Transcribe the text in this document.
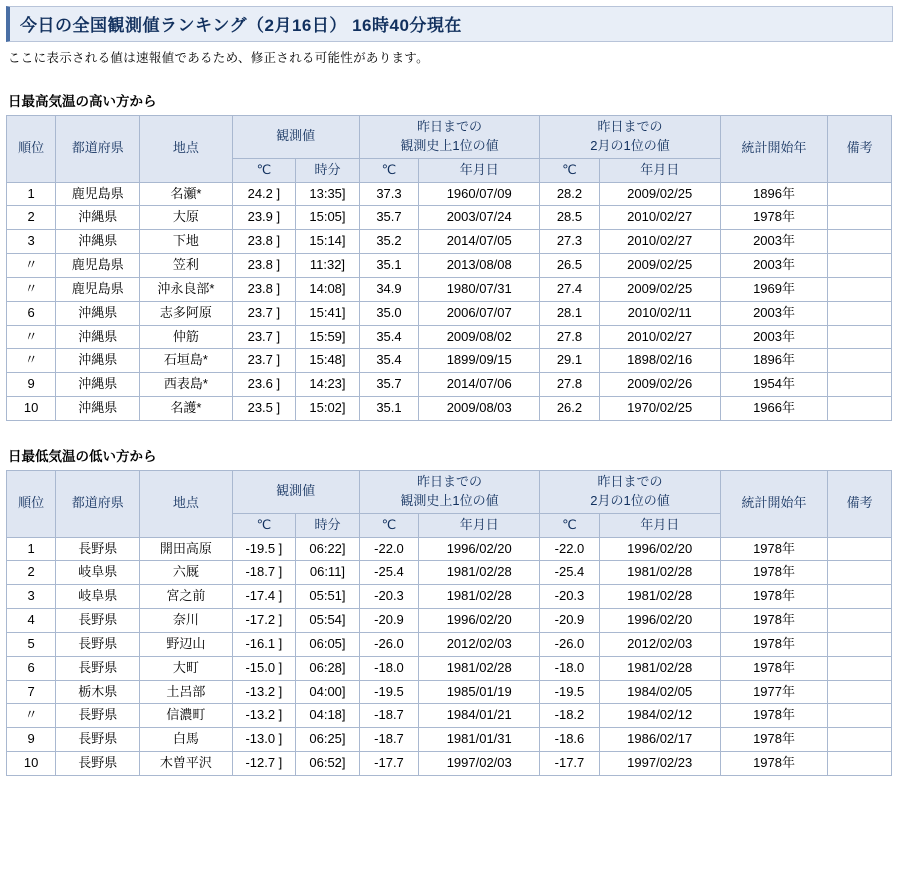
今日の全国観測値ランキング（2月16日） 16時40分現在
ここに表示される値は速報値であるため、修正される可能性があります。
日最高気温の高い方から
順位	都道府県	地点	観測値	
昨日までの
観測史上1位の値

昨日までの
2月の1位の値	統計開始年	備考
			℃	時分	℃	年月日	℃	年月日		
1	鹿児島県	名瀬*	24.2 ]	13:35]	37.3	1960/07/09	28.2	2009/02/25	1896年	
2	沖縄県	大原	23.9 ]	15:05]	35.7	2003/07/24	28.5	2010/02/27	1978年	
3	沖縄県	下地	23.8 ]	15:14]	35.2	2014/07/05	27.3	2010/02/27	2003年	
〃	鹿児島県	笠利	23.8 ]	11:32]	35.1	2013/08/08	26.5	2009/02/25	2003年	
〃	鹿児島県	沖永良部*	23.8 ]	14:08]	34.9	1980/07/31	27.4	2009/02/25	1969年	
6	沖縄県	志多阿原	23.7 ]	15:41]	35.0	2006/07/07	28.1	2010/02/11	2003年	
〃	沖縄県	仲筋	23.7 ]	15:59]	35.4	2009/08/02	27.8	2010/02/27	2003年	
〃	沖縄県	石垣島*	23.7 ]	15:48]	35.4	1899/09/15	29.1	1898/02/16	1896年	
9	沖縄県	西表島*	23.6 ]	14:23]	35.7	2014/07/06	27.8	2009/02/26	1954年	
10	沖縄県	名護*	23.5 ]	15:02]	35.1	2009/08/03	26.2	1970/02/25	1966年	
日最低気温の低い方から
順位	都道府県	地点	観測値	
昨日までの
観測史上1位の値

昨日までの
2月の1位の値	統計開始年	備考
			℃	時分	℃	年月日	℃	年月日		
1	長野県	開田高原	-19.5 ]	06:22]	-22.0	1996/02/20	-22.0	1996/02/20	1978年	
2	岐阜県	六厩	-18.7 ]	06:11]	-25.4	1981/02/28	-25.4	1981/02/28	1978年	
3	岐阜県	宮之前	-17.4 ]	05:51]	-20.3	1981/02/28	-20.3	1981/02/28	1978年	
4	長野県	奈川	-17.2 ]	05:54]	-20.9	1996/02/20	-20.9	1996/02/20	1978年	
5	長野県	野辺山	-16.1 ]	06:05]	-26.0	2012/02/03	-26.0	2012/02/03	1978年	
6	長野県	大町	-15.0 ]	06:28]	-18.0	1981/02/28	-18.0	1981/02/28	1978年	
7	栃木県	土呂部	-13.2 ]	04:00]	-19.5	1985/01/19	-19.5	1984/02/05	1977年	
〃	長野県	信濃町	-13.2 ]	04:18]	-18.7	1984/01/21	-18.2	1984/02/12	1978年	
9	長野県	白馬	-13.0 ]	06:25]	-18.7	1981/01/31	-18.6	1986/02/17	1978年	
10	長野県	木曽平沢	-12.7 ]	06:52]	-17.7	1997/02/03	-17.7	1997/02/23	1978年	
